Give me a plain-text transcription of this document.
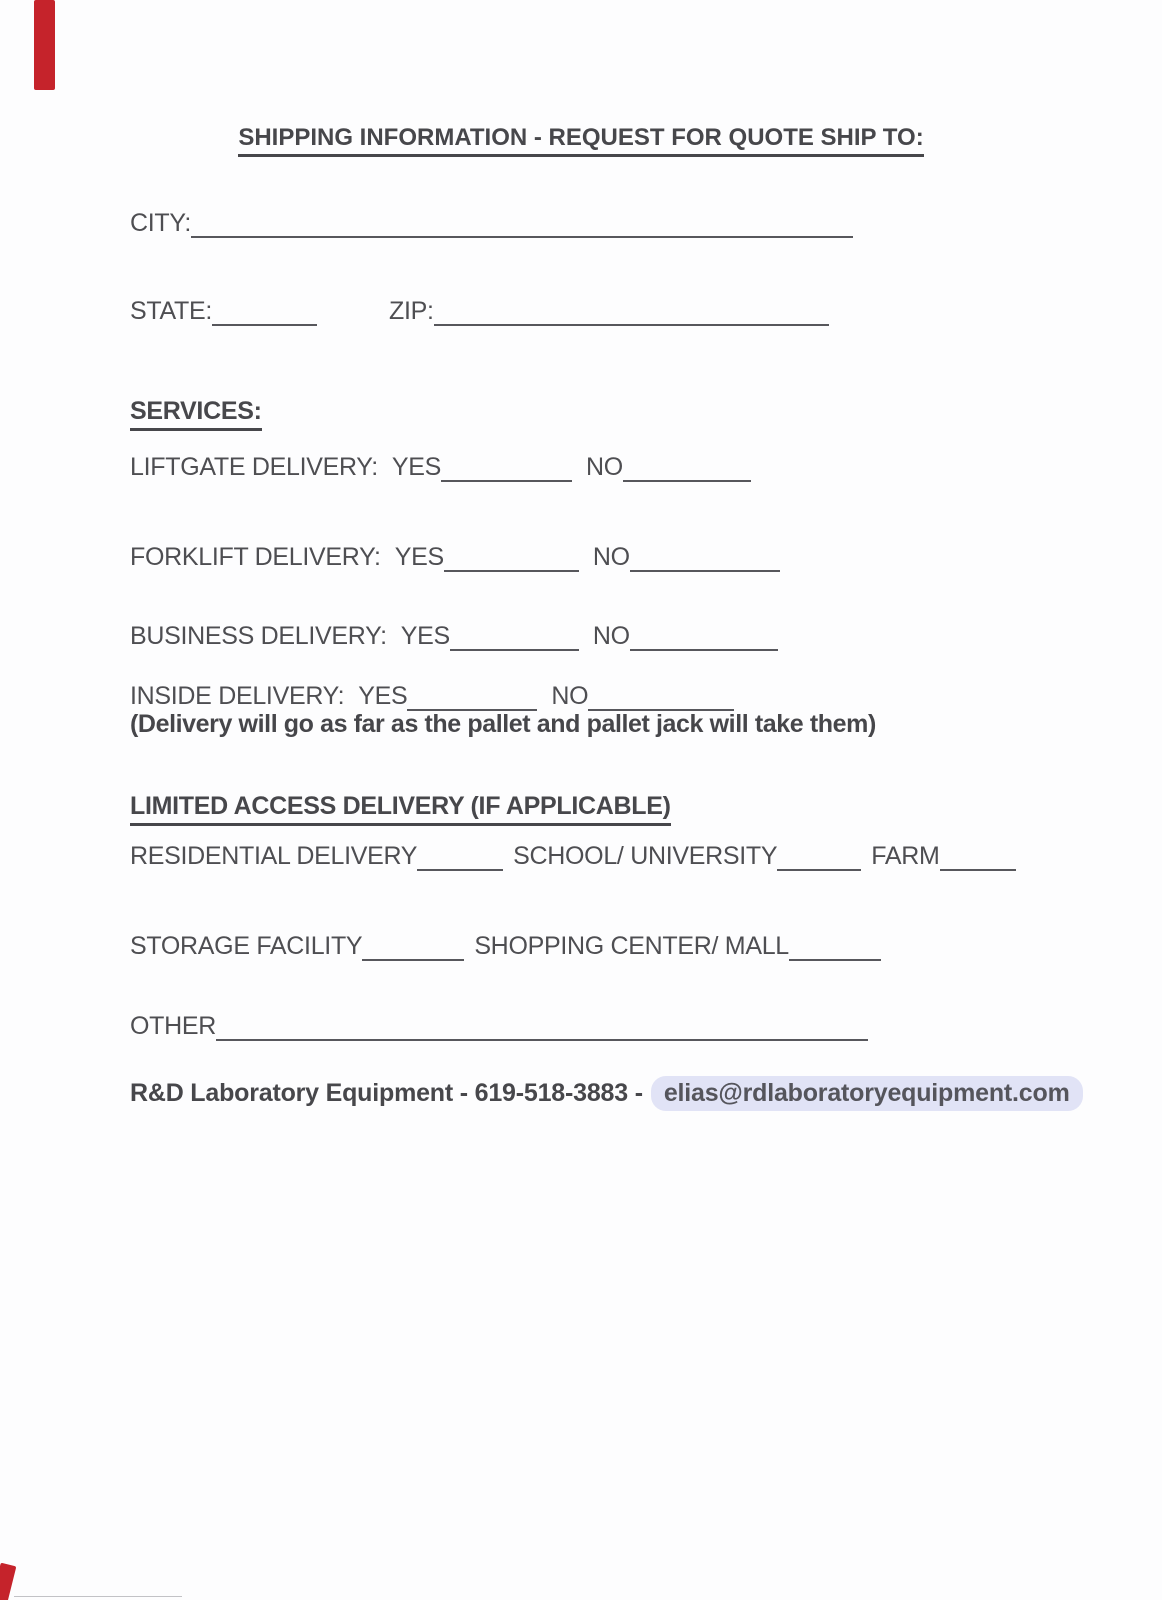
SHIPPING INFORMATION - REQUEST FOR QUOTE SHIP TO:
CITY:
STATE:	ZIP:
SERVICES:
LIFTGATE DELIVERY: YES	NO
FORKLIFT DELIVERY: YES	NO
BUSINESS DELIVERY: YES	NO
INSIDE DELIVERY: YES	NO
(Delivery will go as far as the pallet and pallet jack will take them)
LIMITED ACCESS DELIVERY (IF APPLICABLE)
RESIDENTIAL DELIVERY	SCHOOL/ UNIVERSITY	FARM
STORAGE FACILITY	SHOPPING CENTER/ MALL
OTHER
R&D Laboratory Equipment
-
619-518-3883
- elias@rdlaboratoryequipment.com
